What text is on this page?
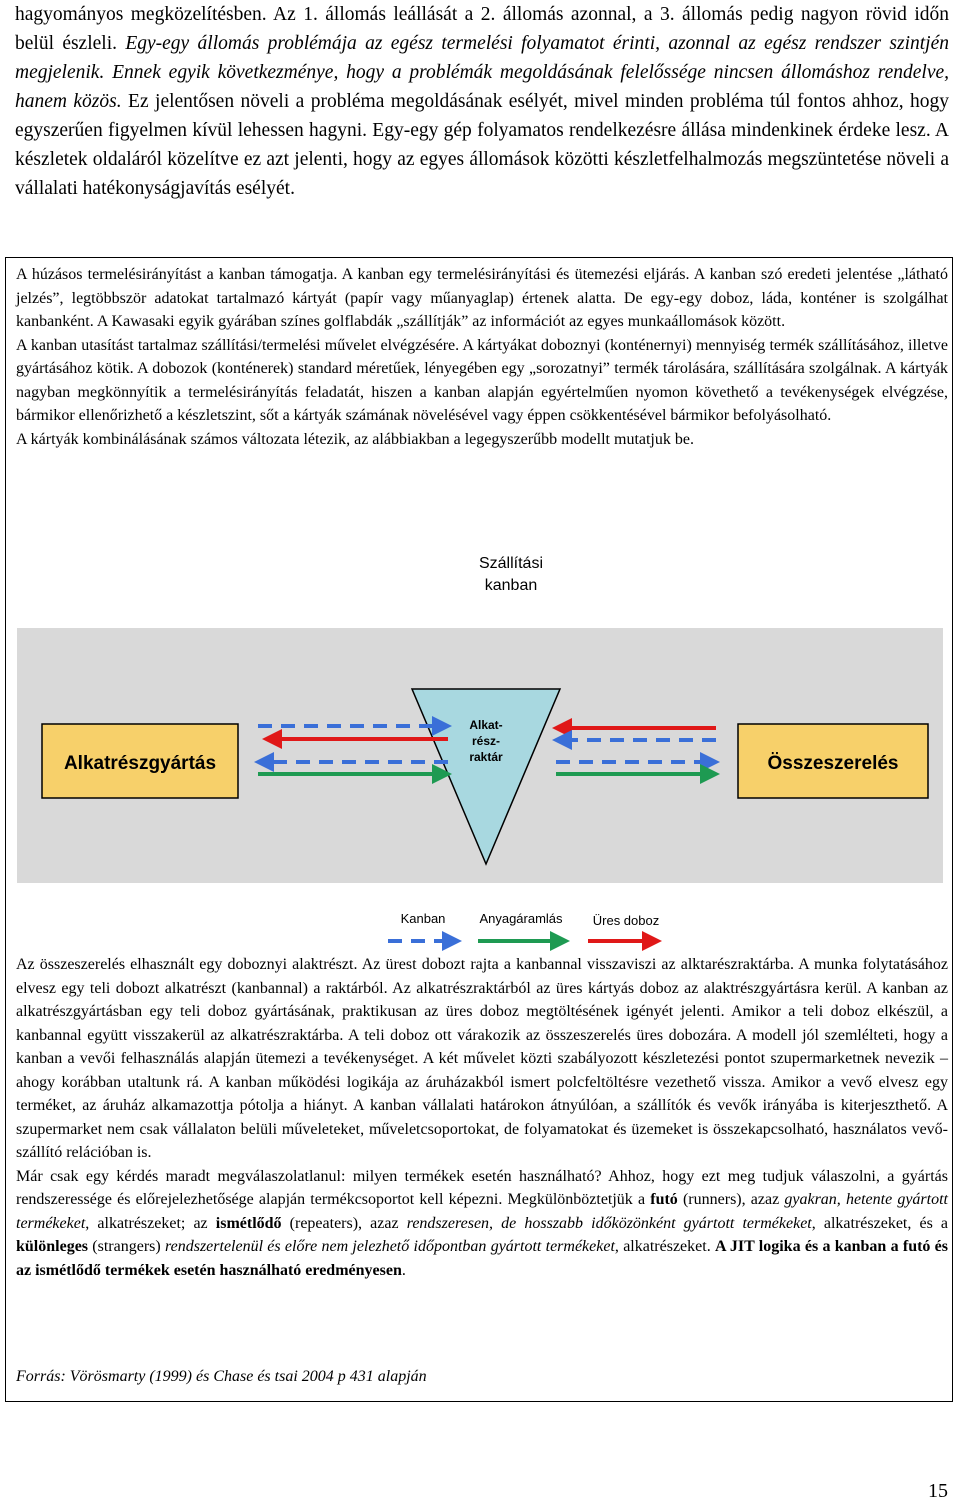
hagyományos megközelítésben. Az 1. állomás leállását a 2. állomás azonnal, a 3. állomás pedig nagyon rövid időn belül észleli. Egy-egy állomás problémája az egész termelési folyamatot érinti, azonnal az egész rendszer szintjén megjelenik. Ennek egyik következménye, hogy a problémák megoldásának felelőssége nincsen állomáshoz rendelve, hanem közös. Ez jelentősen növeli a probléma megoldásának esélyét, mivel minden probléma túl fontos ahhoz, hogy egyszerűen figyelmen kívül lehessen hagyni. Egy-egy gép folyamatos rendelkezésre állása mindenkinek érdeke lesz. A készletek oldaláról közelítve ez azt jelenti, hogy az egyes állomások közötti készletfelhalmozás megszüntetése növeli a vállalati hatékonyságjavítás esélyét.

A húzásos termelésirányítást a kanban támogatja. A kanban egy termelésirányítási és ütemezési eljárás. A kanban szó eredeti jelentése „látható jelzés”, legtöbbször adatokat tartalmazó kártyát (papír vagy műanyaglap) értenek alatta. De egy-egy doboz, láda, konténer is szolgálhat kanbanként. A Kawasaki egyik gyárában színes golflabdák „szállítják” az információt az egyes munkaállomások között.

A kanban utasítást tartalmaz szállítási/termelési művelet elvégzésére. A kártyákat doboznyi (konténernyi) mennyiség termék szállításához, illetve gyártásához kötik. A dobozok (konténerek) standard méretűek, lényegében egy „sorozatnyi” termék tárolására, szállítására szolgálnak. A kártyák nagyban megkönnyítik a termelésirányítás feladatát, hiszen a kanban alapján egyértelműen nyomon követhető a tevékenységek elvégzése, bármikor ellenőrizhető a készletszint, sőt a kártyák számának növelésével vagy éppen csökkentésével bármikor befolyásolható.

A kártyák kombinálásának számos változata létezik, az alábbiakban a legegyszerűbb modellt mutatjuk be.

Szállítási
kanban
Alkatrészgyártás	Összeszerelés
Alkat-
rész-
raktár
Kanban	Anyagáramlás Üres doboz

Az összeszerelés elhasznált egy doboznyi alaktrészt. Az ürest dobozt rajta a kanbannal visszaviszi az alktarészraktárba. A munka folytatásához elvesz egy teli dobozt alkatrészt (kanbannal) a raktárból. Az alkatrészraktárból az üres kártyás doboz az alaktrészgyártásra kerül. A kanban az alkatrészgyártásban egy teli doboz gyártásának, praktikusan az üres doboz megtöltésének igényét jelenti. Amikor a teli doboz elkészül, a kanbannal együtt visszakerül az alkatrészraktárba. A teli doboz ott várakozik az összeszerelés üres dobozára. A modell jól szemlélteti, hogy a kanban a vevői felhasználás alapján ütemezi a tevékenységet. A két művelet közti szabályozott készletezési pontot szupermarketnek nevezik – ahogy korábban utaltunk rá. A kanban működési logikája az áruházakból ismert polcfeltöltésre vezethető vissza. Amikor a vevő elvesz egy terméket, az áruház alkamazottja pótolja a hiányt. A kanban vállalati határokon átnyúlóan, a szállítók és vevők irányába is kiterjeszthető. A szupermarket nem csak vállalaton belüli műveleteket, műveletcsoportokat, de folyamatokat és üzemeket is összekapcsolható, használatos vevő-szállító relációban is.

Már csak egy kérdés maradt megválaszolatlanul: milyen termékek esetén használható? Ahhoz, hogy ezt meg tudjuk válaszolni, a gyártás rendszeressége és előrejelezhetősége alapján termékcsoportot kell képezni. Megkülönböztetjük a futó (runners), azaz gyakran, hetente gyártott termékeket, alkatrészeket; az ismétlődő (repeaters), azaz rendszeresen, de hosszabb időközönként gyártott termékeket, alkatrészeket, és a különleges (strangers) rendszertelenül és előre nem jelezhető időpontban gyártott termékeket, alkatrészeket. A JIT logika és a kanban a futó és az ismétlődő termékek esetén használható eredményesen.

Forrás: Vörösmarty (1999) és Chase és tsai 2004 p 431 alapján
15
